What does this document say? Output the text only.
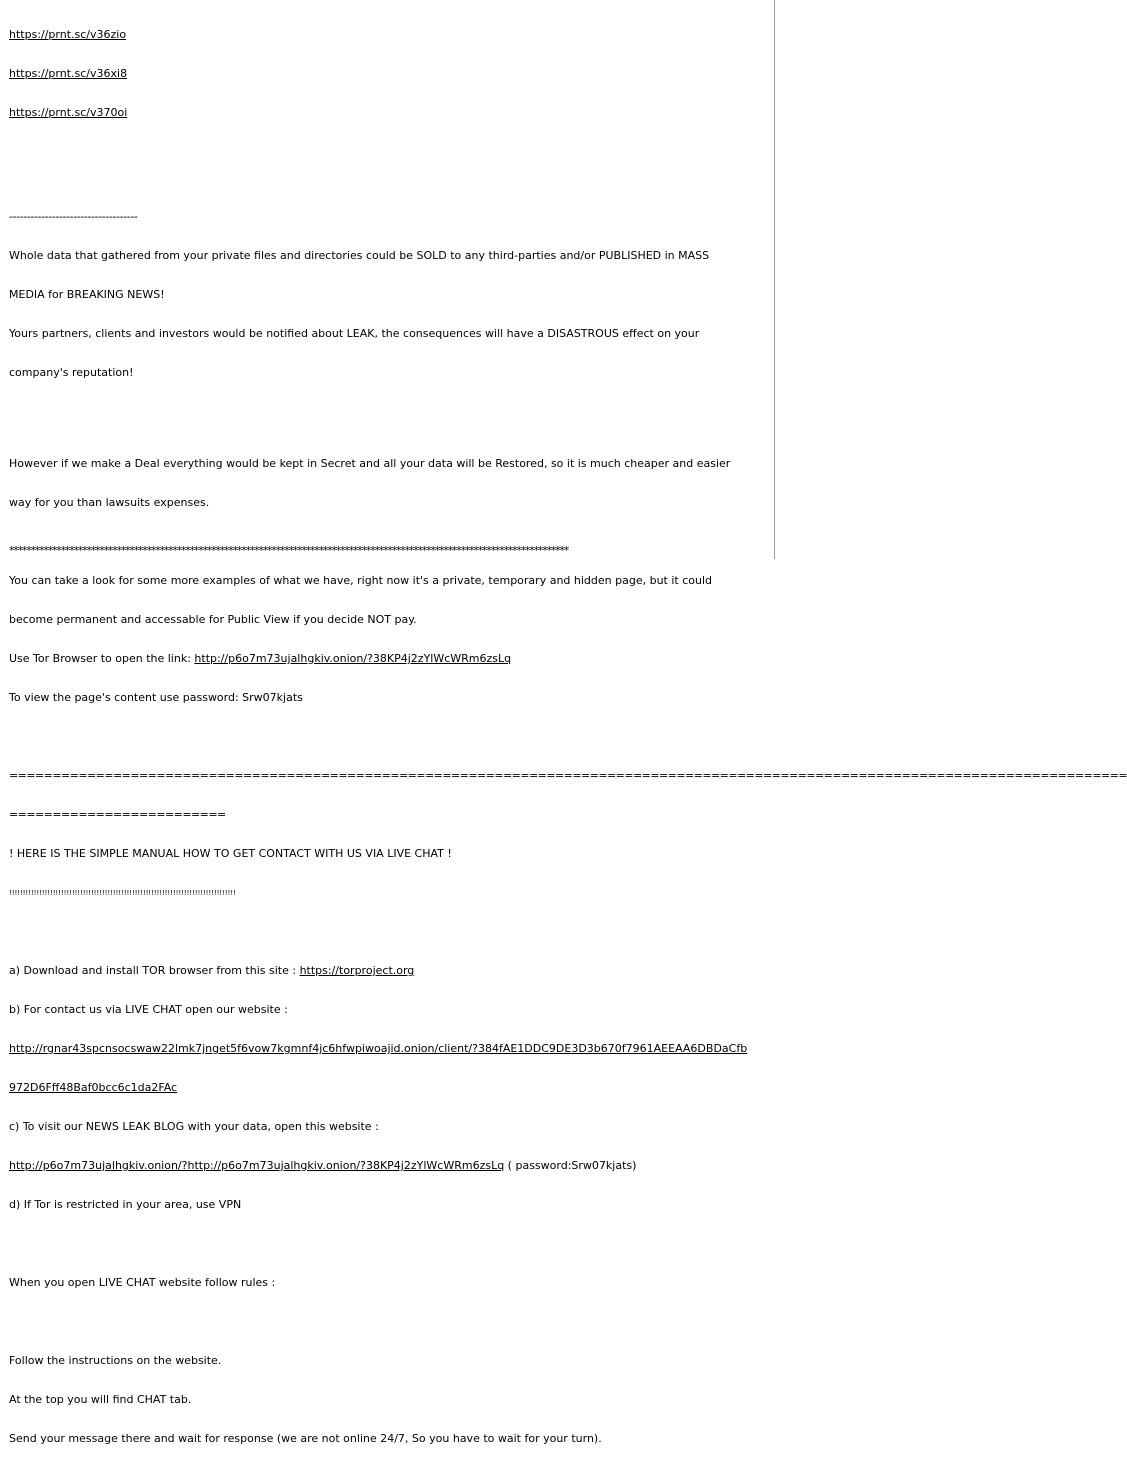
https://prnt.sc/v36zio

https://prnt.sc/v36xi8

https://prnt.sc/v370oi

------------------------------------

Whole data that gathered from your private files and directories could be SOLD to any third-parties and/or PUBLISHED in MASS

MEDIA for BREAKING NEWS!

Yours partners, clients and investors would be notified about LEAK, the consequences will have a DISASTROUS effect on your

company's reputation!

However if we make a Deal everything would be kept in Secret and all your data will be Restored, so it is much cheaper and easier

way for you than lawsuits expenses.

You can take a look for some more examples of what we have, right now it's a private, temporary and hidden page, but it could

become permanent and accessable for Public View if you decide NOT pay.

Use Tor Browser to open the link: http://p6o7m73ujalhgkiv.onion/?38KP4j2zYlWcWRm6zsLq

To view the page's content use password: Srw07kjats

=================================================================================================================================

=========================

! HERE IS THE SIMPLE MANUAL HOW TO GET CONTACT WITH US VIA LIVE CHAT !

!!!!!!!!!!!!!!!!!!!!!!!!!!!!!!!!!!!!!!!!!!!!!!!!!!!!!!!!!!!!!!!!!!!!!!!!!!!!!!!!!!!

a) Download and install TOR browser from this site : https://torproject.org

b) For contact us via LIVE CHAT open our website :

http://rgnar43spcnsocswaw22lmk7jnget5f6vow7kgmnf4jc6hfwpiwoajid.onion/client/?384fAE1DDC9DE3D3b670f7961AEEAA6DBDaCfb

972D6Fff48Baf0bcc6c1da2FAc

c) To visit our NEWS LEAK BLOG with your data, open this website :

http://p6o7m73ujalhgkiv.onion/?http://p6o7m73ujalhgkiv.onion/?38KP4j2zYlWcWRm6zsLq ( password:Srw07kjats)

d) If Tor is restricted in your area, use VPN

When you open LIVE CHAT website follow rules :

Follow the instructions on the website.

At the top you will find CHAT tab.

Send your message there and wait for response (we are not online 24/7, So you have to wait for your turn).

**********************************************************************************************************************************
